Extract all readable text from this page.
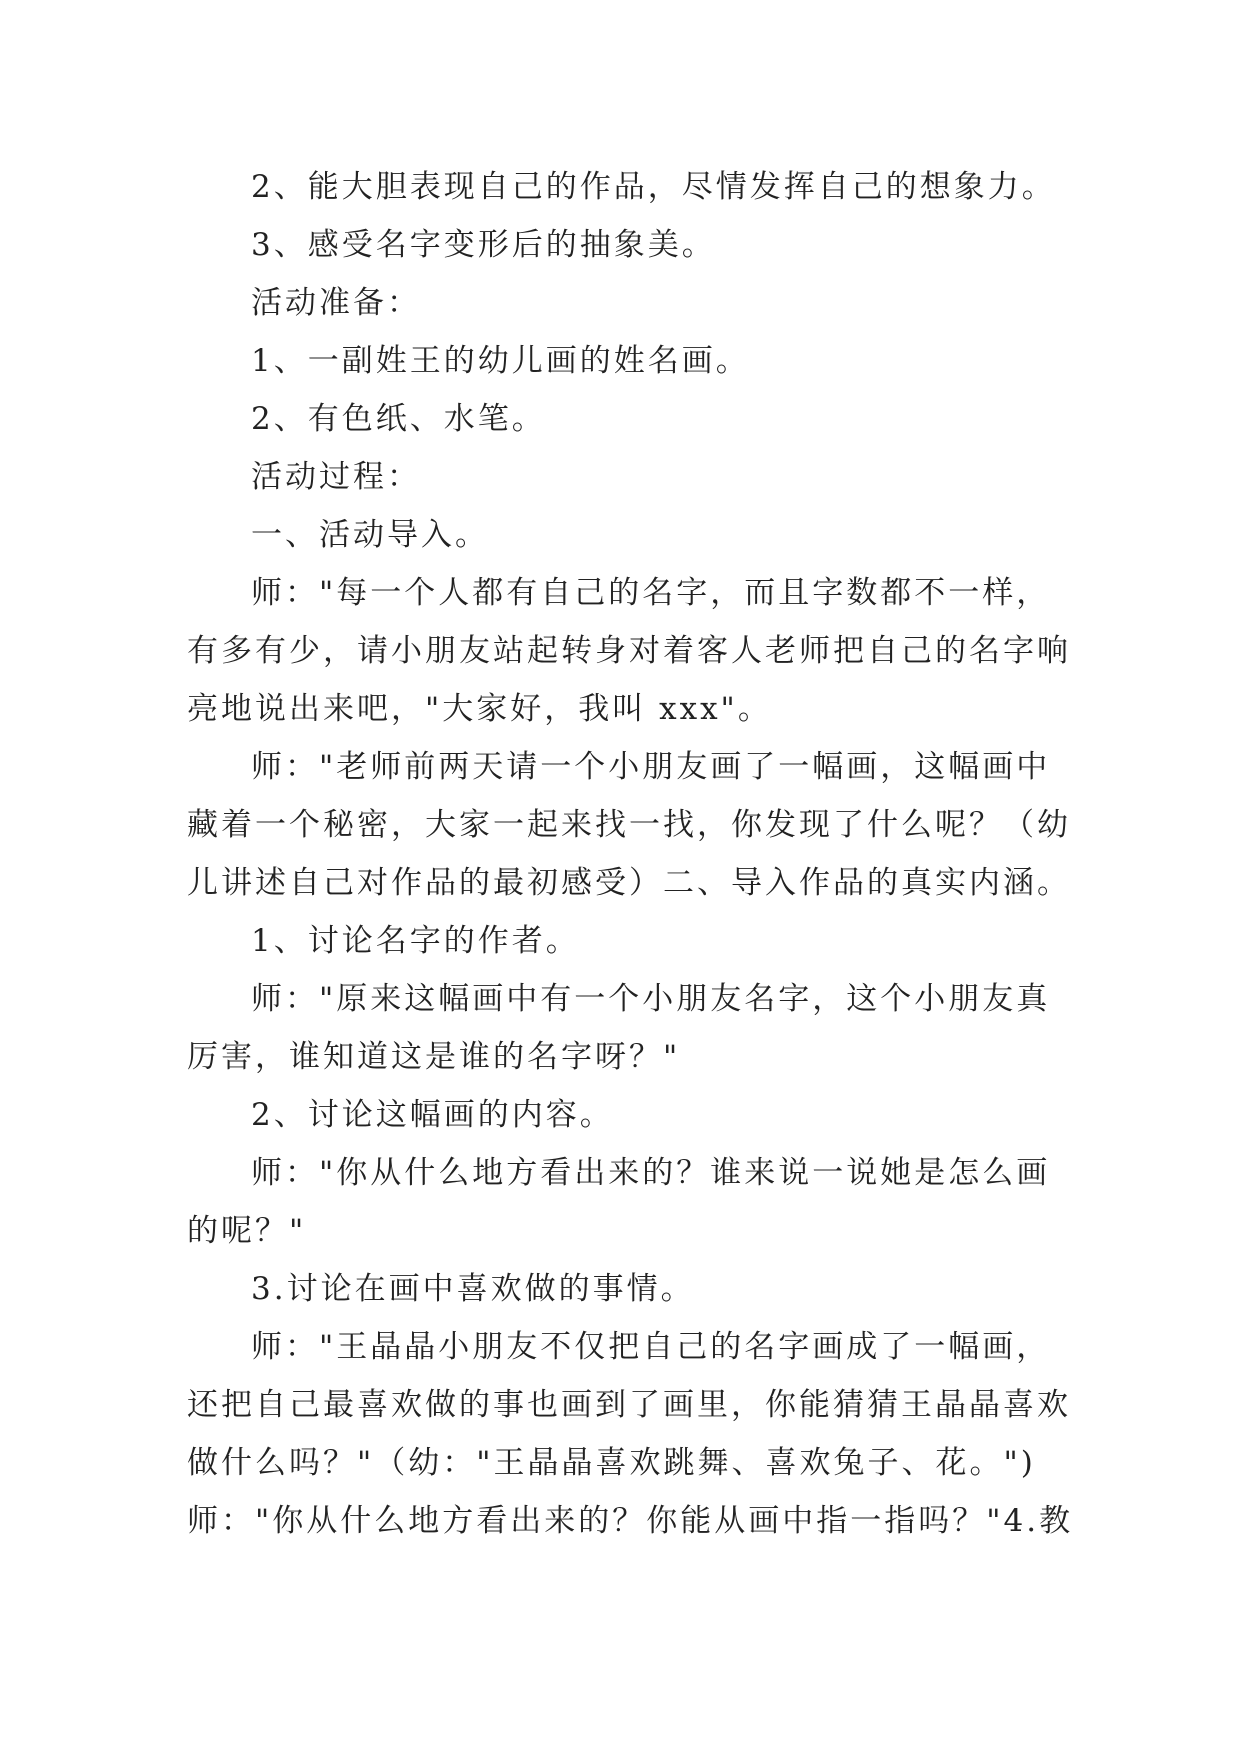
2、能大胆表现自己的作品，尽情发挥自己的想象力。
3、感受名字变形后的抽象美。
活动准备：
1、一副姓王的幼儿画的姓名画。
2、有色纸、水笔。
活动过程：
一、活动导入。
师："每一个人都有自己的名字，而且字数都不一样，
有多有少，请小朋友站起转身对着客人老师把自己的名字响
亮地说出来吧，"大家好，我叫 xxx"。
师："老师前两天请一个小朋友画了一幅画，这幅画中
藏着一个秘密，大家一起来找一找，你发现了什么呢？（幼
儿讲述自己对作品的最初感受）二、导入作品的真实内涵。
1、讨论名字的作者。
师："原来这幅画中有一个小朋友名字，这个小朋友真
厉害，谁知道这是谁的名字呀？"
2、讨论这幅画的内容。
师："你从什么地方看出来的？谁来说一说她是怎么画
的呢？"
3.讨论在画中喜欢做的事情。
师："王晶晶小朋友不仅把自己的名字画成了一幅画，
还把自己最喜欢做的事也画到了画里，你能猜猜王晶晶喜欢
做什么吗？"（幼："王晶晶喜欢跳舞、喜欢兔子、花。")
师："你从什么地方看出来的？你能从画中指一指吗？"4.教
